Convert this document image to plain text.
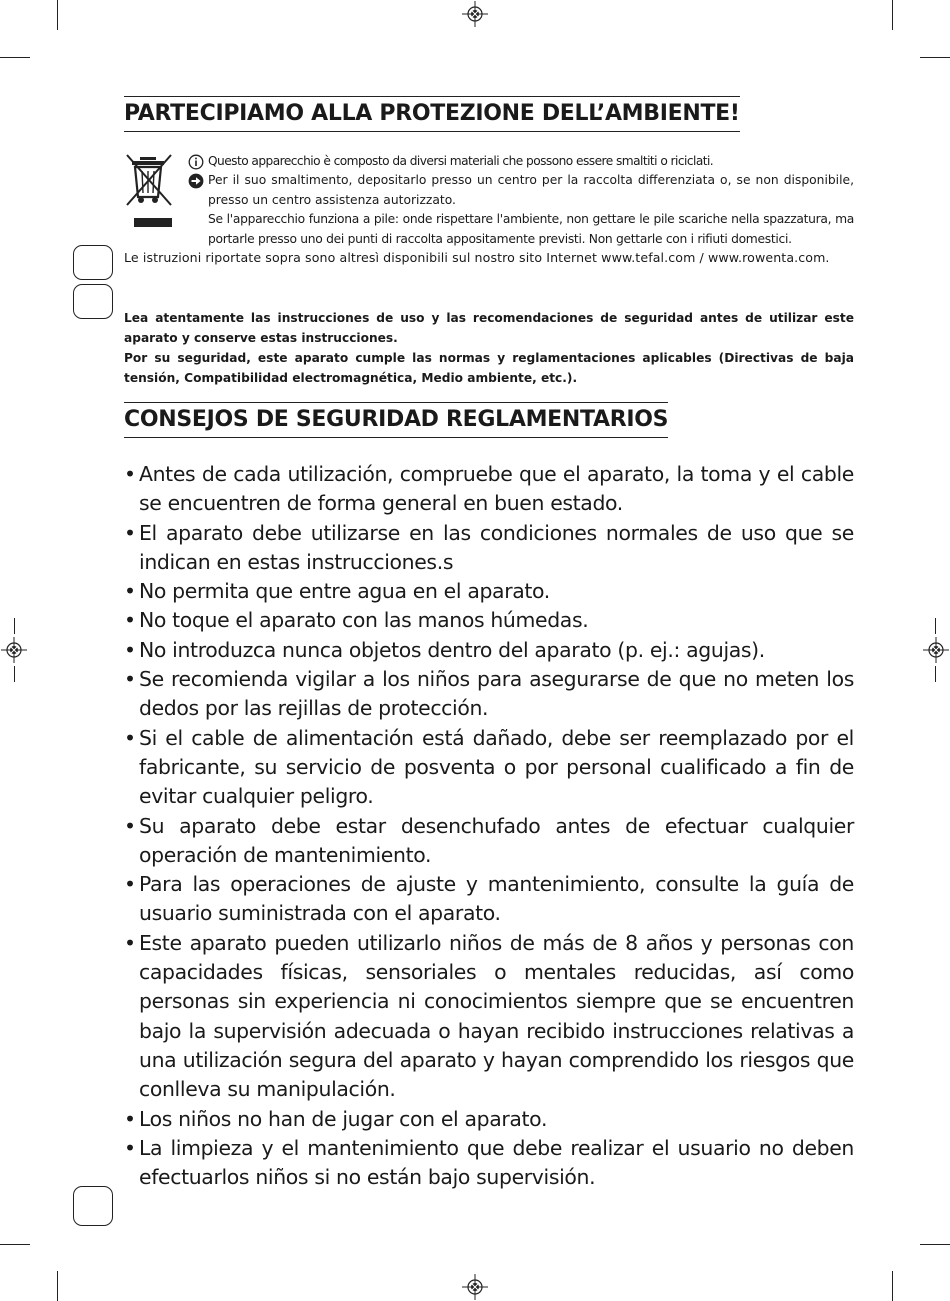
PARTECIPIAMO ALLA PROTEZIONE DELL’AMBIENTE!
Questo apparecchio è composto da diversi materiali che possono essere smaltiti o riciclati.
Per il suo smaltimento, depositarlo presso un centro per la raccolta differenziata o, se non disponibile, presso un centro assistenza autorizzato.
Se l'apparecchio funziona a pile: onde rispettare l'ambiente, non gettare le pile scariche nella spazzatura, ma portarle presso uno dei punti di raccolta appositamente previsti. Non gettarle con i rifiuti domestici.
Le istruzioni riportate sopra sono altresì disponibili sul nostro sito Internet www.tefal.com / www.rowenta.com.

Lea atentamente las instrucciones de uso y las recomendaciones de seguridad antes de utilizar este aparato y conserve estas instrucciones.

Por su seguridad, este aparato cumple las normas y reglamentaciones aplicables (Directivas de baja tensión, Compatibilidad electromagnética, Medio ambiente, etc.).

CONSEJOS DE SEGURIDAD REGLAMENTARIOS
• Antes de cada utilización, compruebe que el aparato, la toma y el cable se encuentren de forma general en buen estado.
• El aparato debe utilizarse en las condiciones normales de uso que se indican en estas instrucciones.s
• No permita que entre agua en el aparato.
• No toque el aparato con las manos húmedas.
• No introduzca nunca objetos dentro del aparato (p. ej.: agujas).
• Se recomienda vigilar a los niños para asegurarse de que no meten los dedos por las rejillas de protección.
• Si el cable de alimentación está dañado, debe ser reemplazado por el fabricante, su servicio de posventa o por personal cualificado a fin de evitar cualquier peligro.
• Su aparato debe estar desenchufado antes de efectuar cualquier operación de mantenimiento.
• Para las operaciones de ajuste y mantenimiento, consulte la guía de usuario suministrada con el aparato.
• Este aparato pueden utilizarlo niños de más de 8 años y personas con capacidades físicas, sensoriales o mentales reducidas, así como personas sin experiencia ni conocimientos siempre que se encuentren bajo la supervisión adecuada o hayan recibido instrucciones relativas a una utilización segura del aparato y hayan comprendido los riesgos que conlleva su manipulación.
• Los niños no han de jugar con el aparato.
• La limpieza y el mantenimiento que debe realizar el usuario no deben efectuarlos niños si no están bajo supervisión.
